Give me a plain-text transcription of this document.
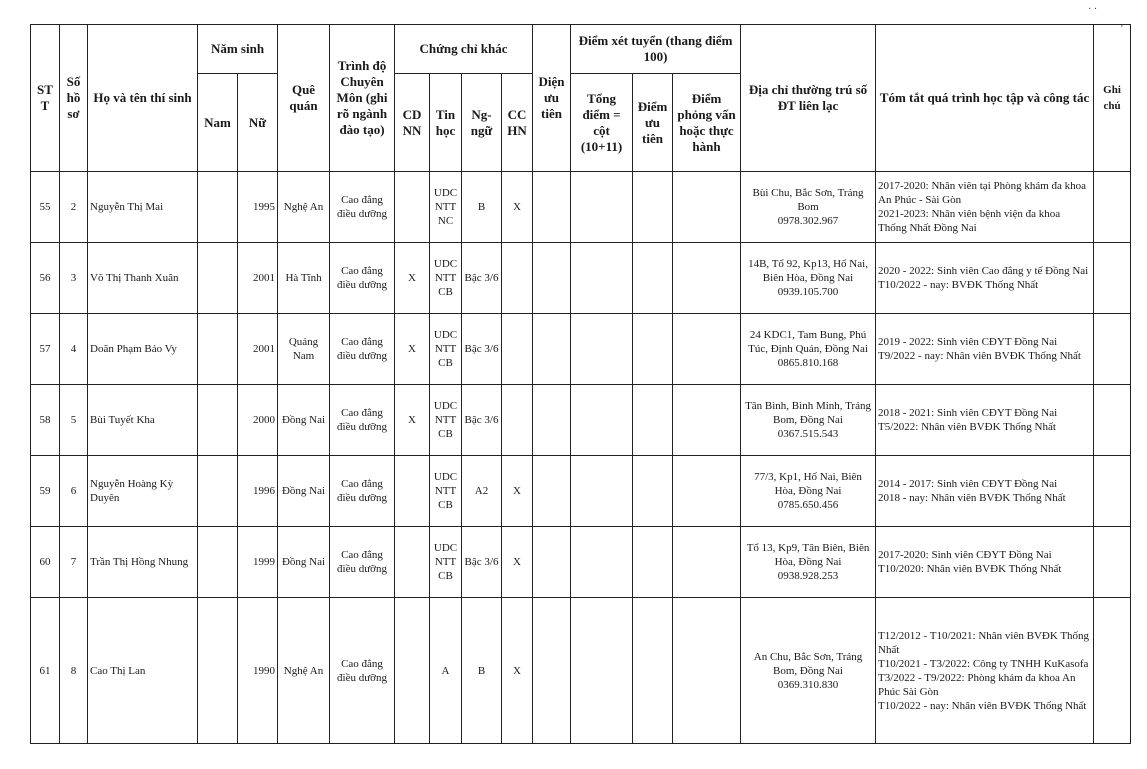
· ·
'
ST T	Số hồ sơ	Họ và tên thí sinh	Năm sinh		Quê quán	Trình độ Chuyên Môn (ghi rõ ngành đào tạo)	Chứng chỉ khác				Diện ưu tiên	Điểm xét tuyển (thang điểm 100)			Địa chỉ thường trú số ĐT liên lạc	Tóm tắt quá trình học tập và công tác	Ghi chú
			Nam	Nữ			CD NN	Tin học	Ng-ngữ	CC HN		Tổng điểm = cột (10+11)	Điểm ưu tiên	Điểm phỏng vấn hoặc thực hành			

55	2	Nguyễn Thị Mai		1995	Nghệ An	Cao đẳng điều dưỡng		UDC NTT NC	B	X					Bùi Chu, Bắc Sơn, Trảng Bom
0978.302.967	2017-2020: Nhân viên tại Phòng khám đa khoa An Phúc - Sài Gòn
2021-2023: Nhân viên bệnh viện đa khoa Thống Nhất Đồng Nai	
56	3	Võ Thị Thanh Xuân		2001	Hà Tĩnh	Cao đẳng điều dưỡng	X	UDC NTT CB	Bậc 3/6						14B, Tổ 92, Kp13, Hố Nai, Biên Hòa, Đồng Nai
0939.105.700	2020 - 2022: Sinh viên Cao đẳng y tế Đồng Nai
T10/2022 - nay: BVĐK Thống Nhất	
57	4	Doãn Phạm Bảo Vy		2001	Quảng Nam	Cao đẳng điều dưỡng	X	UDC NTT CB	Bậc 3/6						24 KDC1, Tam Bung, Phú Túc, Định Quán, Đồng Nai
0865.810.168	2019 - 2022: Sinh viên CĐYT Đồng Nai
T9/2022 - nay: Nhân viên BVĐK Thống Nhất	
58	5	Bùi Tuyết Kha		2000	Đồng Nai	Cao đẳng điều dưỡng	X	UDC NTT CB	Bậc 3/6						Tân Bình, Bình Minh, Trảng Bom, Đồng Nai
0367.515.543	2018 - 2021: Sinh viên CĐYT Đồng Nai
T5/2022: Nhân viên BVĐK Thống Nhất	
59	6	Nguyễn Hoàng Kỳ Duyên		1996	Đồng Nai	Cao đẳng điều dưỡng		UDC NTT CB	A2	X					77/3, Kp1, Hố Nai, Biên Hòa, Đồng Nai
0785.650.456	2014 - 2017: Sinh viên CĐYT Đồng Nai
2018 - nay: Nhân viên BVĐK Thống Nhất	
60	7	Trần Thị Hồng Nhung		1999	Đồng Nai	Cao đẳng điều dưỡng		UDC NTT CB	Bậc 3/6	X					Tổ 13, Kp9, Tân Biên, Biên Hòa, Đồng Nai
0938.928.253	2017-2020: Sinh viên CĐYT Đồng Nai
T10/2020: Nhân viên BVĐK Thống Nhất	
61	8	Cao Thị Lan		1990	Nghệ An	Cao đẳng điều dưỡng		A	B	X					An Chu, Bắc Sơn, Trảng Bom, Đồng Nai
0369.310.830	T12/2012 - T10/2021: Nhân viên BVĐK Thống Nhất
T10/2021 - T3/2022: Công ty TNHH KuKasofa
T3/2022 - T9/2022: Phòng khám đa khoa An Phúc Sài Gòn
T10/2022 - nay: Nhân viên BVĐK Thống Nhất	
